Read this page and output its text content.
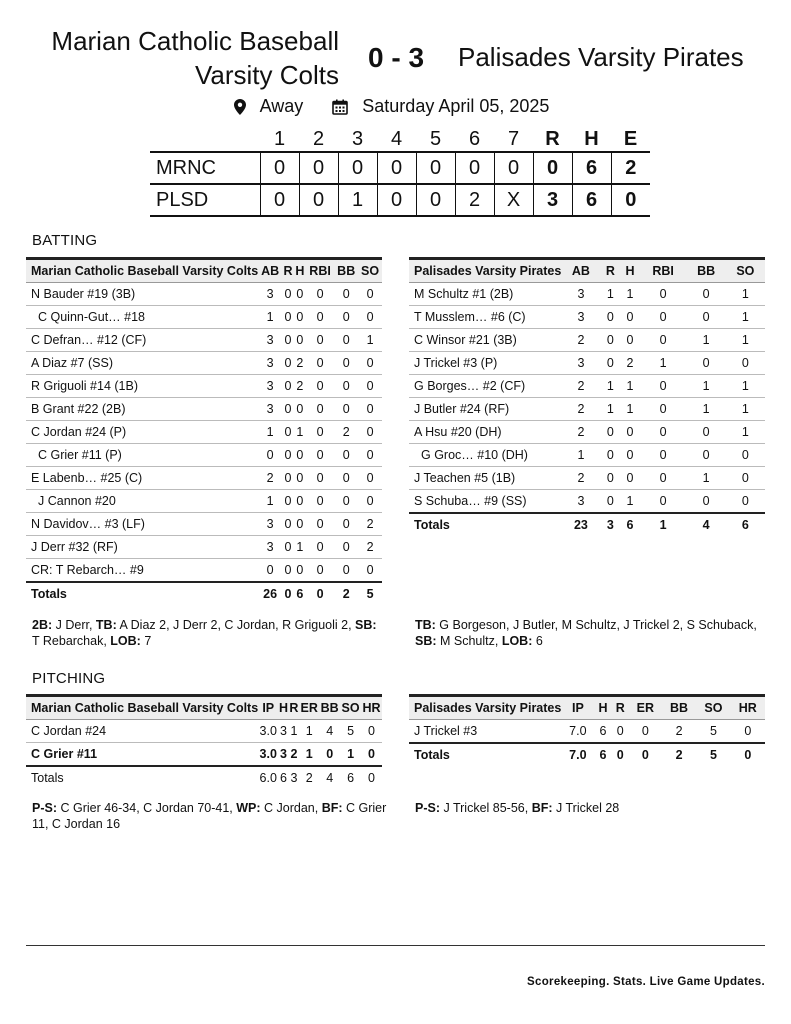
Marian Catholic Baseball
Varsity Colts
0 - 3 Palisades Varsity Pirates
Away
	Saturday April 05, 2025
	1	2	3	4	5	6	7	R	H	E
MRNC	0	0	0	0	0	0	0	0	6	2
PLSD	0	0	1	0	0	2	X	3	6	0
BATTING
Marian Catholic Baseball Varsity Colts	AB	R	H	RBI	BB	SO
N Bauder #19 (3B)	3	0	0	0	0	0
C Quinn-Gut… #18	1	0	0	0	0	0
C Defran… #12 (CF)	3	0	0	0	0	1
A Diaz #7 (SS)	3	0	2	0	0	0
R Griguoli #14 (1B)	3	0	2	0	0	0
B Grant #22 (2B)	3	0	0	0	0	0
C Jordan #24 (P)	1	0	1	0	2	0
C Grier #11 (P)	0	0	0	0	0	0
E Labenb… #25 (C)	2	0	0	0	0	0
J Cannon #20	1	0	0	0	0	0
N Davidov… #3 (LF)	3	0	0	0	0	2
J Derr #32 (RF)	3	0	1	0	0	2
CR: T Rebarch… #9	0	0	0	0	0	0
Totals	26	0	6	0	2	5
Palisades Varsity Pirates	AB	R	H	RBI	BB	SO
M Schultz #1 (2B)	3	1	1	0	0	1
T Musslem… #6 (C)	3	0	0	0	0	1
C Winsor #21 (3B)	2	0	0	0	1	1
J Trickel #3 (P)	3	0	2	1	0	0
G Borges… #2 (CF)	2	1	1	0	1	1
J Butler #24 (RF)	2	1	1	0	1	1
A Hsu #20 (DH)	2	0	0	0	0	1
G Groc… #10 (DH)	1	0	0	0	0	0
J Teachen #5 (1B)	2	0	0	0	1	0
S Schuba… #9 (SS)	3	0	1	0	0	0
Totals	23	3	6	1	4	6
2B: J Derr, TB: A Diaz 2, J Derr 2, C Jordan, R Griguoli 2, SB: T Rebarchak, LOB: 7
TB: G Borgeson, J Butler, M Schultz, J Trickel 2, S Schuback, SB: M Schultz, LOB: 6
PITCHING
Marian Catholic Baseball Varsity Colts	IP	H	R	ER	BB	SO	HR
C Jordan #24	3.0	3	1	1	4	5	0
C Grier #11	3.0	3	2	1	0	1	0
Totals	6.0	6	3	2	4	6	0
Palisades Varsity Pirates	IP	H	R	ER	BB	SO	HR
J Trickel #3	7.0	6	0	0	2	5	0
Totals	7.0	6	0	0	2	5	0
P-S: C Grier 46-34, C Jordan 70-41, WP: C Jordan, BF: C Grier 11, C Jordan 16
P-S: J Trickel 85-56, BF: J Trickel 28
Scorekeeping. Stats. Live Game Updates.
